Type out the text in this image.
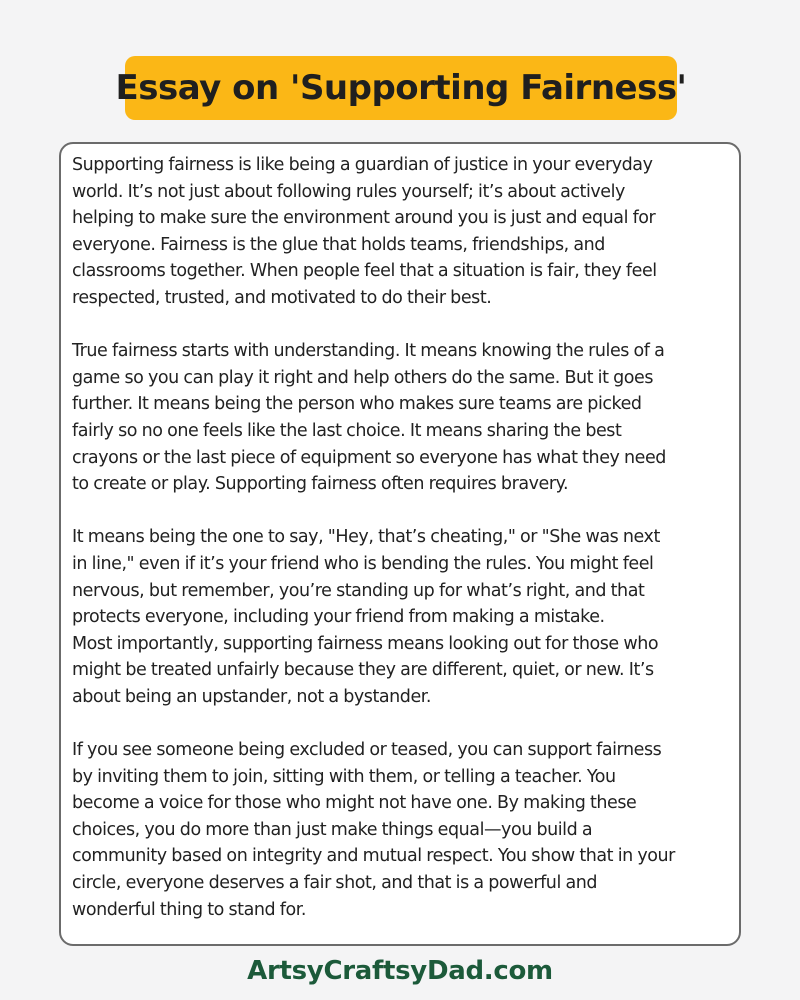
Essay on 'Supporting Fairness'

Supporting fairness is like being a guardian of justice in your everyday
world. It’s not just about following rules yourself; it’s about actively
helping to make sure the environment around you is just and equal for
everyone. Fairness is the glue that holds teams, friendships, and
classrooms together. When people feel that a situation is fair, they feel
respected, trusted, and motivated to do their best.

True fairness starts with understanding. It means knowing the rules of a
game so you can play it right and help others do the same. But it goes
further. It means being the person who makes sure teams are picked
fairly so no one feels like the last choice. It means sharing the best
crayons or the last piece of equipment so everyone has what they need
to create or play. Supporting fairness often requires bravery.

It means being the one to say, "Hey, that’s cheating," or "She was next
in line," even if it’s your friend who is bending the rules. You might feel
nervous, but remember, you’re standing up for what’s right, and that
protects everyone, including your friend from making a mistake.

Most importantly, supporting fairness means looking out for those who
might be treated unfairly because they are different, quiet, or new. It’s
about being an upstander, not a bystander.

If you see someone being excluded or teased, you can support fairness
by inviting them to join, sitting with them, or telling a teacher. You
become a voice for those who might not have one. By making these
choices, you do more than just make things equal—you build a
community based on integrity and mutual respect. You show that in your
circle, everyone deserves a fair shot, and that is a powerful and
wonderful thing to stand for.

ArtsyCraftsyDad.com
